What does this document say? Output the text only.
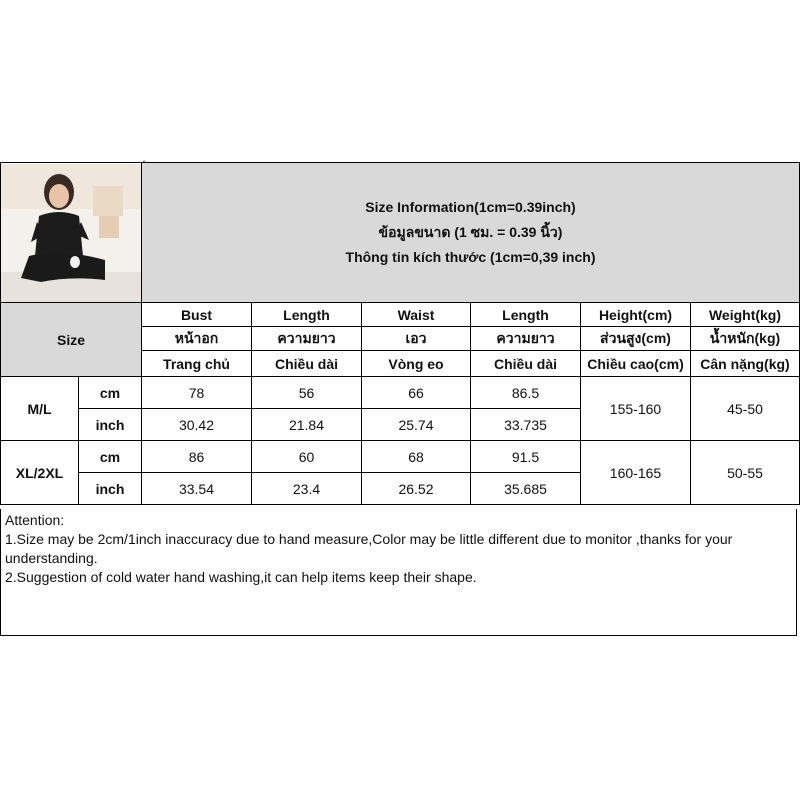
Size Information(1cm=0.39inch)
ข้อมูลขนาด (1 ซม. = 0.39 นิ้ว)
Thông tin kích thước (1cm=0,39 inch)					

Size		Bust	Length	Waist	Length	Height(cm)	Weight(kg)
		หน้าอก	ความยาว	เอว	ความยาว	ส่วนสูง(cm)	น้ำหนัก(kg)
		Trang chủ	Chiều dài	Vòng eo	Chiều dài	Chiều cao(cm)	Cân nặng(kg)
M/L	cm	78	56	66	86.5	155-160	45-50
	inch	30.42	21.84	25.74	33.735		
XL/2XL	cm	86	60	68	91.5	160-165	50-55
	inch	33.54	23.4	26.52	35.685		
Attention:
1.Size may be 2cm/1inch inaccuracy due to hand measure,Color may be little different due to monitor ,thanks for your understanding.
2.Suggestion of cold water hand washing,it can help items keep their shape.
